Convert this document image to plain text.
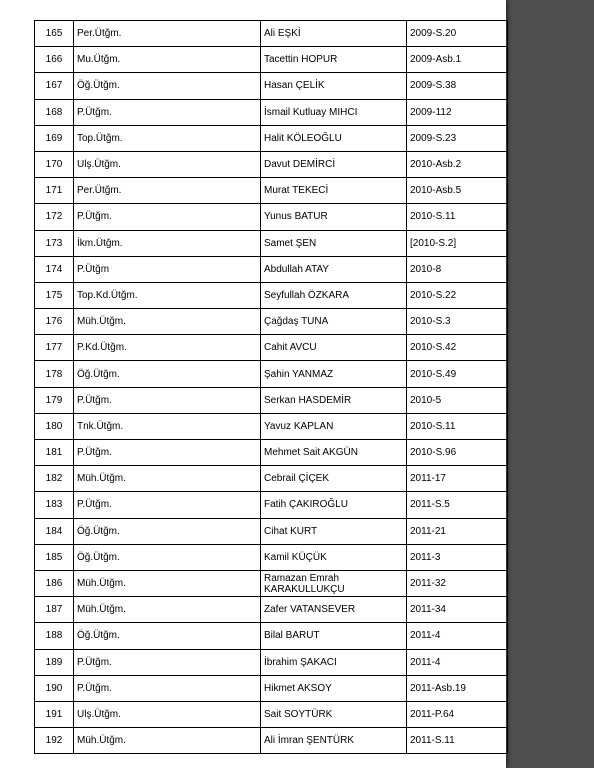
165	Per.Ütğm.	Ali EŞKİ	2009-S.20
166	Mu.Ütğm.	Tacettin HOPUR	2009-Asb.1
167	Öğ.Ütğm.	Hasan ÇELİK	2009-S.38
168	P.Ütğm.	İsmail Kutluay MIHCI	2009-112
169	Top.Ütğm.	Halit KÖLEOĞLU	2009-S.23
170	Ulş.Ütğm.	Davut DEMİRCİ	2010-Asb.2
171	Per.Ütğm.	Murat TEKECİ	2010-Asb.5
172	P.Ütğm.	Yunus BATUR	2010-S.11
173	İkm.Ütğm.	Samet ŞEN	[2010-S.2]
174	P.Ütğm	Abdullah ATAY	2010-8
175	Top.Kd.Ütğm.	Seyfullah ÖZKARA	2010-S.22
176	Müh.Ütğm.	Çağdaş TUNA	2010-S.3
177	P.Kd.Ütğm.	Cahit AVCU	2010-S.42
178	Öğ.Ütğm.	Şahin YANMAZ	2010-S.49
179	P.Ütğm.	Serkan HASDEMİR	2010-5
180	Tnk.Ütğm.	Yavuz KAPLAN	2010-S.11
181	P.Ütğm.	Mehmet Sait AKGÜN	2010-S.96
182	Müh.Ütğm.	Cebrail ÇİÇEK	2011-17
183	P.Ütğm.	Fatih ÇAKIROĞLU	2011-S.5
184	Öğ.Ütğm.	Cihat KURT	2011-21
185	Öğ.Ütğm.	Kamil KÜÇÜK	2011-3
186	Müh.Ütğm.	Ramazan Emrah KARAKULLUKÇU	2011-32
187	Müh.Ütğm.	Zafer VATANSEVER	2011-34
188	Öğ.Ütğm.	Bilal BARUT	2011-4
189	P.Ütğm.	İbrahim ŞAKACI	2011-4
190	P.Ütğm.	Hikmet AKSOY	2011-Asb.19
191	Ulş.Ütğm.	Sait SOYTÜRK	2011-P.64
192	Müh.Ütğm.	Ali İmran ŞENTÜRK	2011-S.11
